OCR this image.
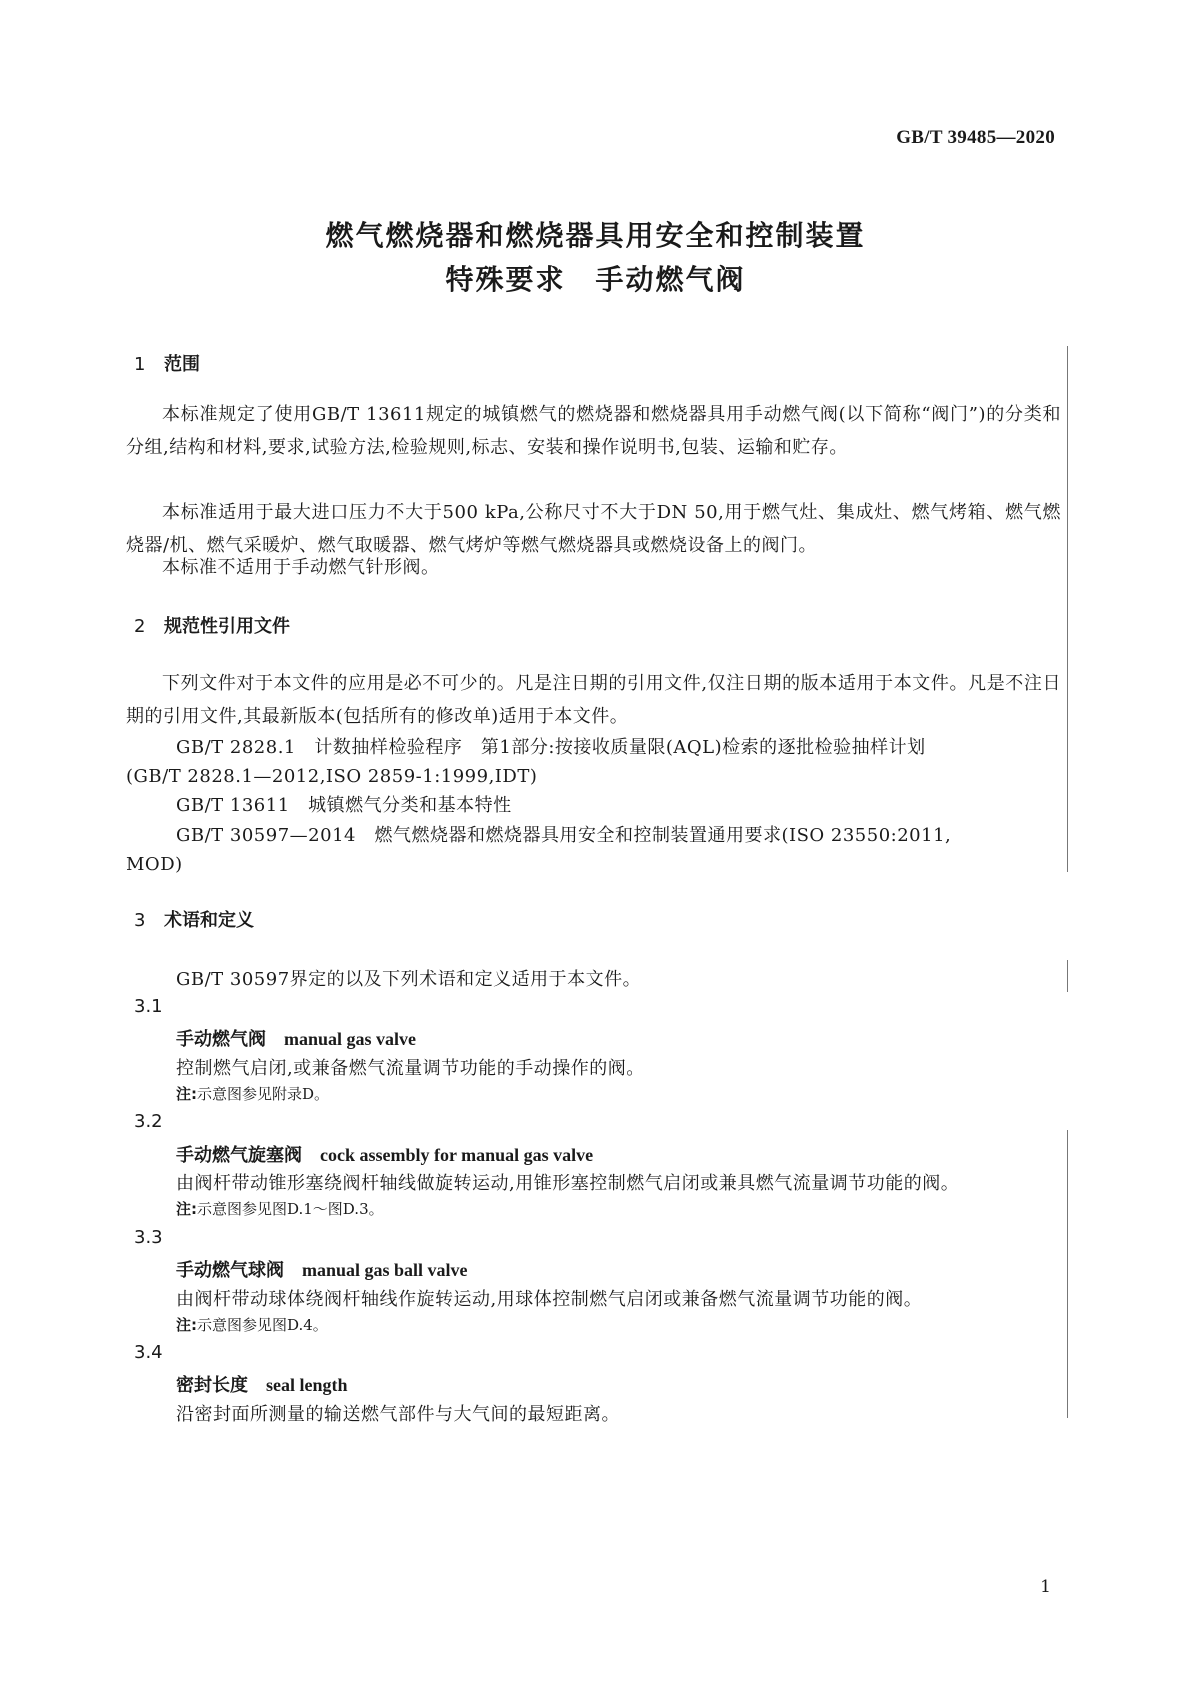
GB/T 39485—2020
燃气燃烧器和燃烧器具用安全和控制装置
特殊要求　手动燃气阀
1 范围
本标准规定了使用GB/T 13611规定的城镇燃气的燃烧器和燃烧器具用手动燃气阀(以下简称“阀门”)的分类和分组,结构和材料,要求,试验方法,检验规则,标志、安装和操作说明书,包装、运输和贮存。
本标准适用于最大进口压力不大于500 kPa,公称尺寸不大于DN 50,用于燃气灶、集成灶、燃气烤箱、燃气燃烧器/机、燃气采暖炉、燃气取暖器、燃气烤炉等燃气燃烧器具或燃烧设备上的阀门。
本标准不适用于手动燃气针形阀。
2 规范性引用文件
下列文件对于本文件的应用是必不可少的。凡是注日期的引用文件,仅注日期的版本适用于本文件。凡是不注日期的引用文件,其最新版本(包括所有的修改单)适用于本文件。
GB/T 2828.1　计数抽样检验程序　第1部分:按接收质量限(AQL)检索的逐批检验抽样计划
(GB/T 2828.1—2012,ISO 2859-1:1999,IDT)
GB/T 13611　城镇燃气分类和基本特性
GB/T 30597—2014　燃气燃烧器和燃烧器具用安全和控制装置通用要求(ISO 23550:2011,
MOD)
3 术语和定义
GB/T 30597界定的以及下列术语和定义适用于本文件。
3.1
手动燃气阀 manual gas valve
控制燃气启闭,或兼备燃气流量调节功能的手动操作的阀。
注:示意图参见附录D。
3.2
手动燃气旋塞阀 cock assembly for manual gas valve
由阀杆带动锥形塞绕阀杆轴线做旋转运动,用锥形塞控制燃气启闭或兼具燃气流量调节功能的阀。
注:示意图参见图D.1～图D.3。
3.3
手动燃气球阀 manual gas ball valve
由阀杆带动球体绕阀杆轴线作旋转运动,用球体控制燃气启闭或兼备燃气流量调节功能的阀。
注:示意图参见图D.4。
3.4
密封长度 seal length
沿密封面所测量的输送燃气部件与大气间的最短距离。
1
